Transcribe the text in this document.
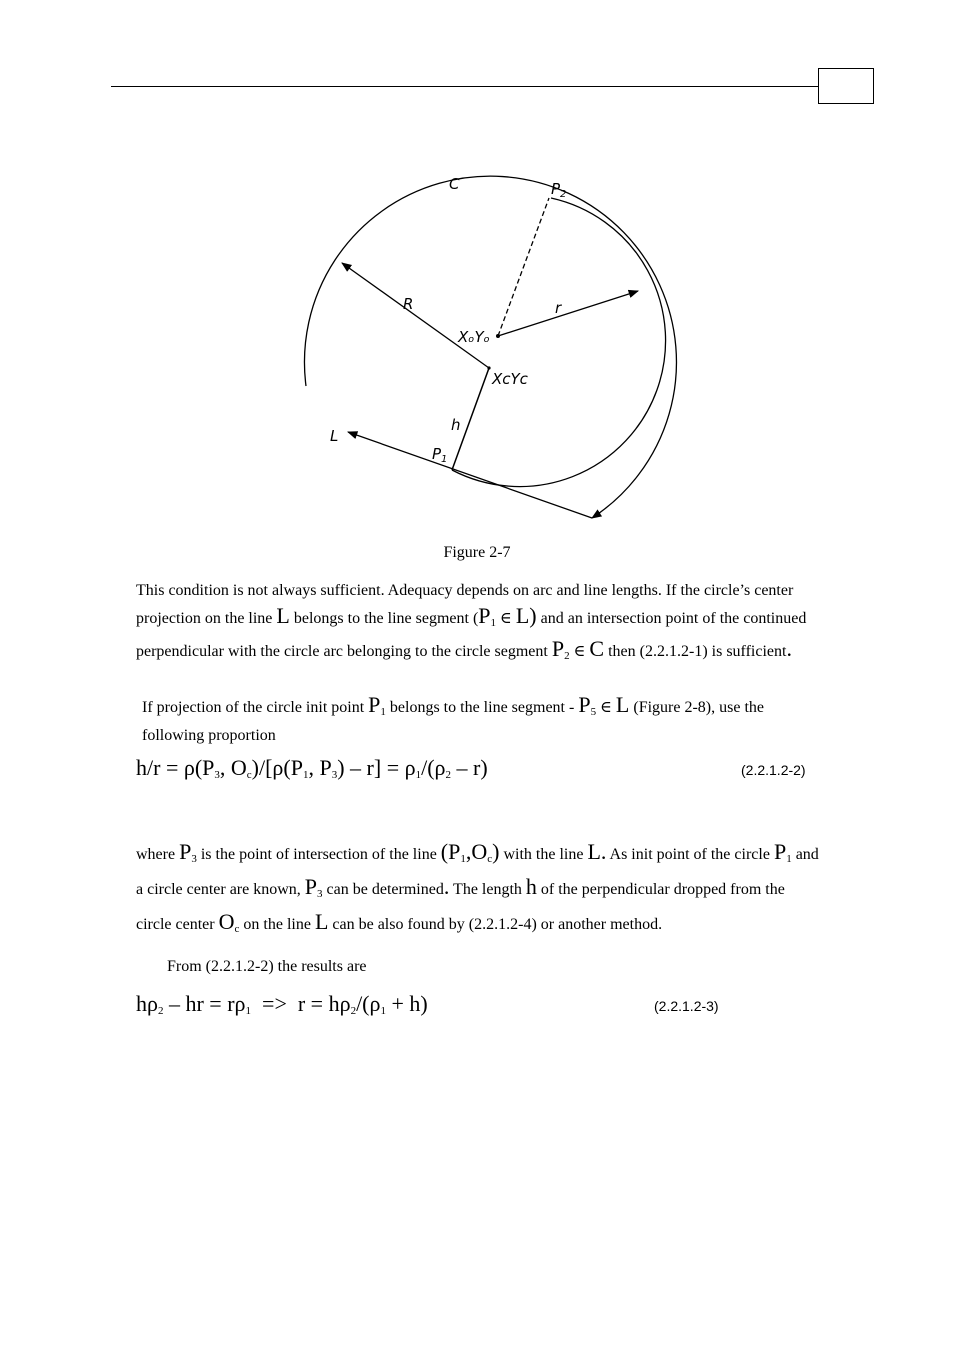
C	$P_2$
R	r
XₒYₒ
XᴄYᴄ
h
L
$P_1$
Figure 2-7

This condition is not always sufficient. Adequacy depends on arc and line lengths. If the circle’s center projection on the line L belongs to the line segment ($P_1$ ∈ L) and an intersection point of the continued perpendicular with the circle arc belonging to the circle segment $P_2$ ∈ C then (2.2.1.2-1) is sufficient.

If projection of the circle init point $P_1$ belongs to the line segment - $P_5$ ∈ L (Figure 2-8), use the following proportion

$h/r = \rho(P_3$, $O_c)/[\rho(P_1$, $P_3) - r] = \rho_1/(\rho_2 - r)$	(2.2.1.2-2)

where $P_3$ is the point of intersection of the line $(P_1,O_c)$ with the line L. As init point of the circle $P_1$ and a circle center are known, $P_3$ can be determined. The length h of the perpendicular dropped from the circle center $O_c$ on the line L can be also found by (2.2.1.2-4) or another method.

From (2.2.1.2-2) the results are

$h\rho_2$ – hr = $r\rho_1 => r = h\rho_2/(\rho_1 + h)$	(2.2.1.2-3)
